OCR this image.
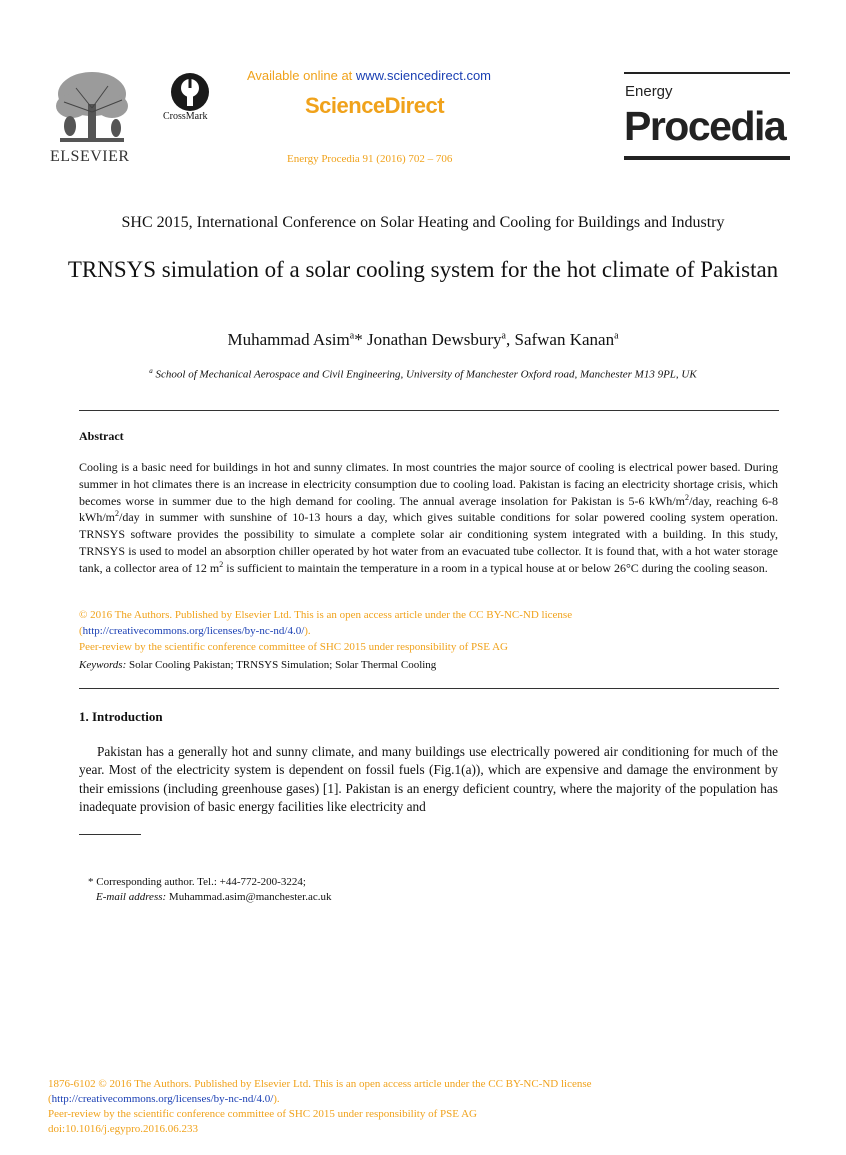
ELSEVIER
CrossMark
Available online at www.sciencedirect.com
ScienceDirect
Energy Procedia 91 (2016) 702 – 706
Energy
Procedia
SHC 2015, International Conference on Solar Heating and Cooling for Buildings and Industry
TRNSYS simulation of a solar cooling system for the hot climate of Pakistan
Muhammad Asim$^a$* Jonathan Dewsbury$^a$, Safwan Kanan$^a$
$^a$ School of Mechanical Aerospace and Civil Engineering, University of Manchester Oxford road, Manchester M13 9PL, UK
Abstract
Cooling is a basic need for buildings in hot and sunny climates. In most countries the major source of cooling is electrical power based. During summer in hot climates there is an increase in electricity consumption due to cooling load. Pakistan is facing an electricity shortage crisis, which becomes worse in summer due to the high demand for cooling. The annual average insolation for Pakistan is 5-6 kWh/$m^2$/day, reaching 6-8 kWh/$m^2$/day in summer with sunshine of 10-13 hours a day, which gives suitable conditions for solar powered cooling system operation. TRNSYS software provides the possibility to simulate a complete solar air conditioning system integrated with a building. In this study, TRNSYS is used to model an absorption chiller operated by hot water from an evacuated tube collector. It is found that, with a hot water storage tank, a collector area of 12 $m^2$ is sufficient to maintain the temperature in a room in a typical house at or below 26°C during the cooling season.
© 2016 The Authors. Published by Elsevier Ltd. This is an open access article under the CC BY-NC-ND license
(http://creativecommons.org/licenses/by-nc-nd/4.0/).
Peer-review by the scientific conference committee of SHC 2015 under responsibility of PSE AG
Keywords: Solar Cooling Pakistan; TRNSYS Simulation; Solar Thermal Cooling
1. Introduction
Pakistan has a generally hot and sunny climate, and many buildings use electrically powered air conditioning for much of the year. Most of the electricity system is dependent on fossil fuels (Fig.1(a)), which are expensive and damage the environment by their emissions (including greenhouse gases) [1]. Pakistan is an energy deficient country, where the majority of the population has inadequate provision of basic energy facilities like electricity and
* Corresponding author. Tel.: +44-772-200-3224;
E-mail address: Muhammad.asim@manchester.ac.uk
1876-6102 © 2016 The Authors. Published by Elsevier Ltd. This is an open access article under the CC BY-NC-ND license
(http://creativecommons.org/licenses/by-nc-nd/4.0/).
Peer-review by the scientific conference committee of SHC 2015 under responsibility of PSE AG
doi:10.1016/j.egypro.2016.06.233
